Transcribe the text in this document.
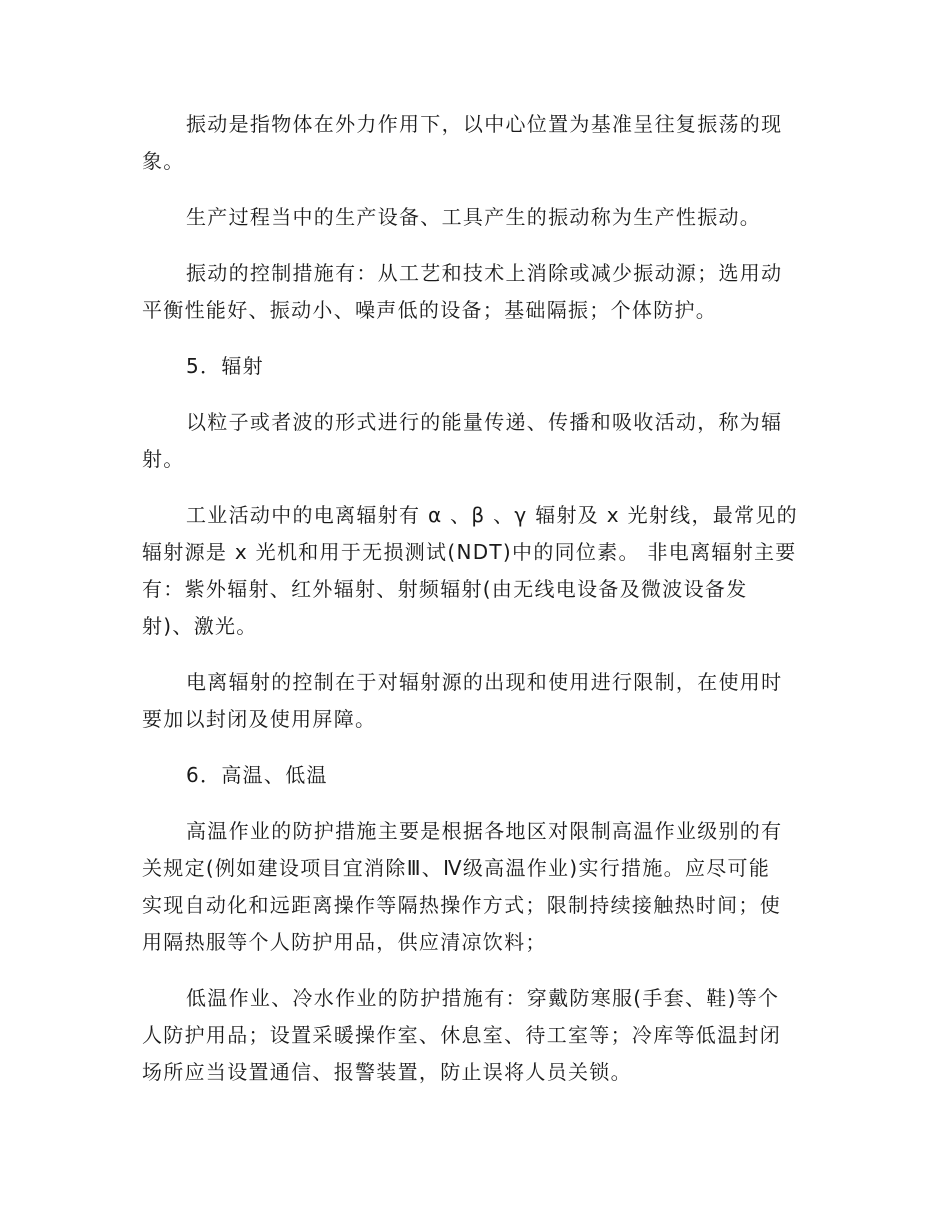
振动是指物体在外力作用下，以中心位置为基准呈往复振荡的现
象。

生产过程当中的生产设备、工具产生的振动称为生产性振动。

振动的控制措施有：从工艺和技术上消除或减少振动源；选用动
平衡性能好、振动小、噪声低的设备；基础隔振；个体防护。

5．辐射

以粒子或者波的形式进行的能量传递、传播和吸收活动，称为辐
射。

工业活动中的电离辐射有 α 、β 、γ 辐射及 x 光射线，最常见的
辐射源是 x 光机和用于无损测试(NDT)中的同位素。 非电离辐射主要
有：紫外辐射、红外辐射、射频辐射(由无线电设备及微波设备发
射)、激光。

电离辐射的控制在于对辐射源的出现和使用进行限制，在使用时
要加以封闭及使用屏障。

6．高温、低温

高温作业的防护措施主要是根据各地区对限制高温作业级别的有
关规定(例如建设项目宜消除Ⅲ、Ⅳ级高温作业)实行措施。应尽可能
实现自动化和远距离操作等隔热操作方式；限制持续接触热时间；使
用隔热服等个人防护用品，供应清凉饮料；

低温作业、冷水作业的防护措施有：穿戴防寒服(手套、鞋)等个
人防护用品；设置采暖操作室、休息室、待工室等；冷库等低温封闭
场所应当设置通信、报警装置，防止误将人员关锁。
